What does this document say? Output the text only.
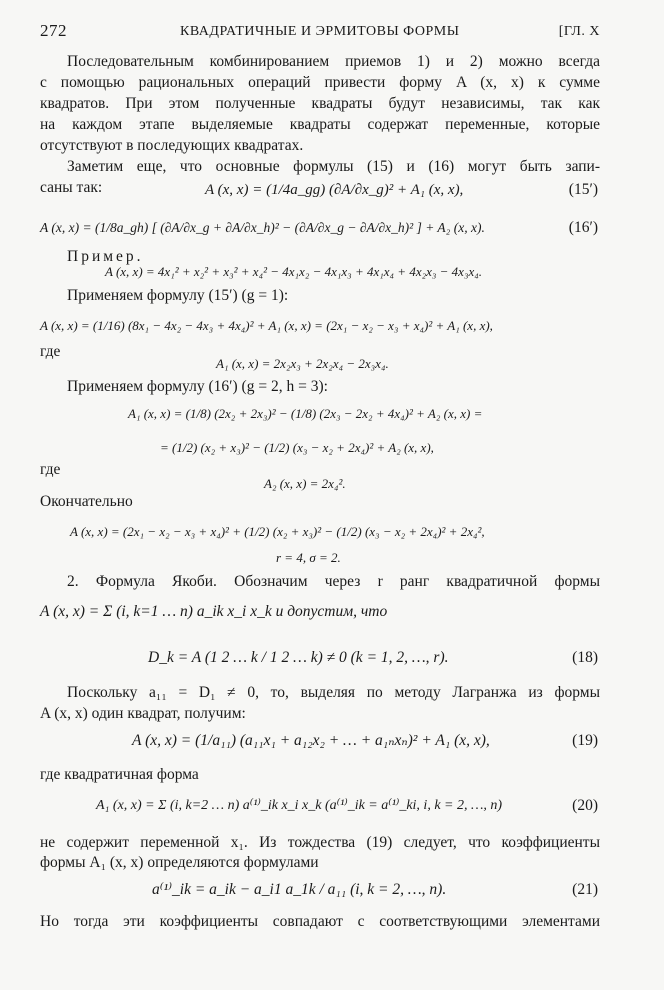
272	КВАДРАТИЧНЫЕ И ЭРМИТОВЫ ФОРМЫ	[ГЛ. X
Последовательным комбинированием приемов 1) и 2) можно всегда
с помощью рациональных операций привести форму A (x, x) к сумме
квадратов. При этом полученные квадраты будут независимы, так как
на каждом этапе выделяемые квадраты содержат переменные, которые
отсутствуют в последующих квадратах.
Заметим еще, что основные формулы (15) и (16) могут быть запи-
саны так:	A (x, x) = (1/4a_gg) (∂A/∂x_g)² + A₁ (x, x),	(15′)
A (x, x) = (1/8a_gh) [ (∂A/∂x_g + ∂A/∂x_h)² − (∂A/∂x_g − ∂A/∂x_h)² ] + A₂ (x, x).	(16′)
Пример.
A (x, x) = 4x₁² + x₂² + x₃² + x₄² − 4x₁x₂ − 4x₁x₃ + 4x₁x₄ + 4x₂x₃ − 4x₃x₄.
Применяем формулу (15′) (g = 1):
A (x, x) = (1/16) (8x₁ − 4x₂ − 4x₃ + 4x₄)² + A₁ (x, x) = (2x₁ − x₂ − x₃ + x₄)² + A₁ (x, x),
где
A₁ (x, x) = 2x₂x₃ + 2x₂x₄ − 2x₃x₄.
Применяем формулу (16′) (g = 2, h = 3):
A₁ (x, x) = (1/8) (2x₂ + 2x₃)² − (1/8) (2x₃ − 2x₂ + 4x₄)² + A₂ (x, x) =
= (1/2) (x₂ + x₃)² − (1/2) (x₃ − x₂ + 2x₄)² + A₂ (x, x),
где
A₂ (x, x) = 2x₄².
Окончательно
A (x, x) = (2x₁ − x₂ − x₃ + x₄)² + (1/2) (x₂ + x₃)² − (1/2) (x₃ − x₂ + 2x₄)² + 2x₄²,
r = 4, σ = 2.
2. Формула Якоби. Обозначим через r ранг квадратичной формы
A (x, x) = Σ (i, k=1 … n) a_ik x_i x_k и допустим, что
D_k = A (1 2 … k / 1 2 … k) ≠ 0 (k = 1, 2, …, r).	(18)
Поскольку a₁₁ = D₁ ≠ 0, то, выделяя по методу Лагранжа из формы
A (x, x) один квадрат, получим:
A (x, x) = (1/a₁₁) (a₁₁x₁ + a₁₂x₂ + … + a₁ₙxₙ)² + A₁ (x, x),	(19)
где квадратичная форма
A₁ (x, x) = Σ (i, k=2 … n) a⁽¹⁾_ik x_i x_k (a⁽¹⁾_ik = a⁽¹⁾_ki, i, k = 2, …, n)	(20)
не содержит переменной x₁. Из тождества (19) следует, что коэффициенты
формы A₁ (x, x) определяются формулами
a⁽¹⁾_ik = a_ik − a_i1 a_1k / a₁₁ (i, k = 2, …, n).	(21)
Но тогда эти коэффициенты совпадают с соответствующими элементами
